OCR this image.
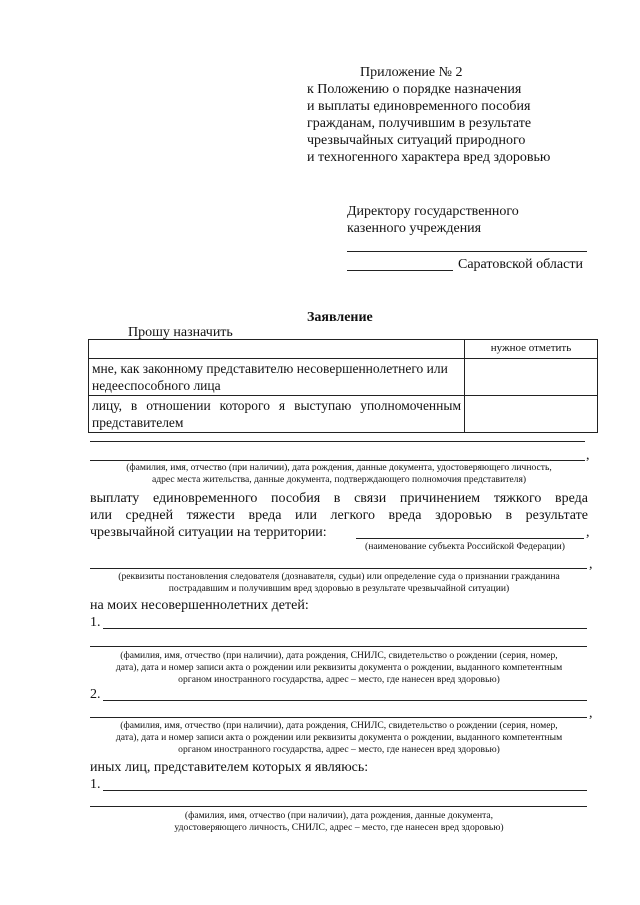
Приложение № 2
к Положению о порядке назначения
и выплаты единовременного пособия
гражданам, получившим в результате
чрезвычайных ситуаций природного
и техногенного характера вред здоровью
Директору государственного
казенного учреждения
Саратовской области
Заявление
Прошу назначить
	нужное отметить
мне, как законному представителю несовершеннолетнего или недееспособного лица	
лицу, в отношении которого я выступаю уполномоченным представителем	
,
(фамилия, имя, отчество (при наличии), дата рождения, данные документа, удостоверяющего личность,
адрес места жительства, данные документа, подтверждающего полномочия представителя)
выплату единовременного пособия в связи причинением тяжкого вреда
или средней тяжести вреда или легкого вреда здоровью в результате
чрезвычайной ситуации на территории:	,
(наименование субъекта Российской Федерации)
,
(реквизиты постановления следователя (дознавателя, судьи) или определение суда о признании гражданина
пострадавшим и получившим вред здоровью в результате чрезвычайной ситуации)
на моих несовершеннолетних детей:
1.
(фамилия, имя, отчество (при наличии), дата рождения, СНИЛС, свидетельство о рождении (серия, номер,
дата), дата и номер записи акта о рождении или реквизиты документа о рождении, выданного компетентным
органом иностранного государства, адрес – место, где нанесен вред здоровью)
2.
,
(фамилия, имя, отчество (при наличии), дата рождения, СНИЛС, свидетельство о рождении (серия, номер,
дата), дата и номер записи акта о рождении или реквизиты документа о рождении, выданного компетентным
органом иностранного государства, адрес – место, где нанесен вред здоровью)
иных лиц, представителем которых я являюсь:
1.
(фамилия, имя, отчество (при наличии), дата рождения, данные документа,
удостоверяющего личность, СНИЛС, адрес – место, где нанесен вред здоровью)
